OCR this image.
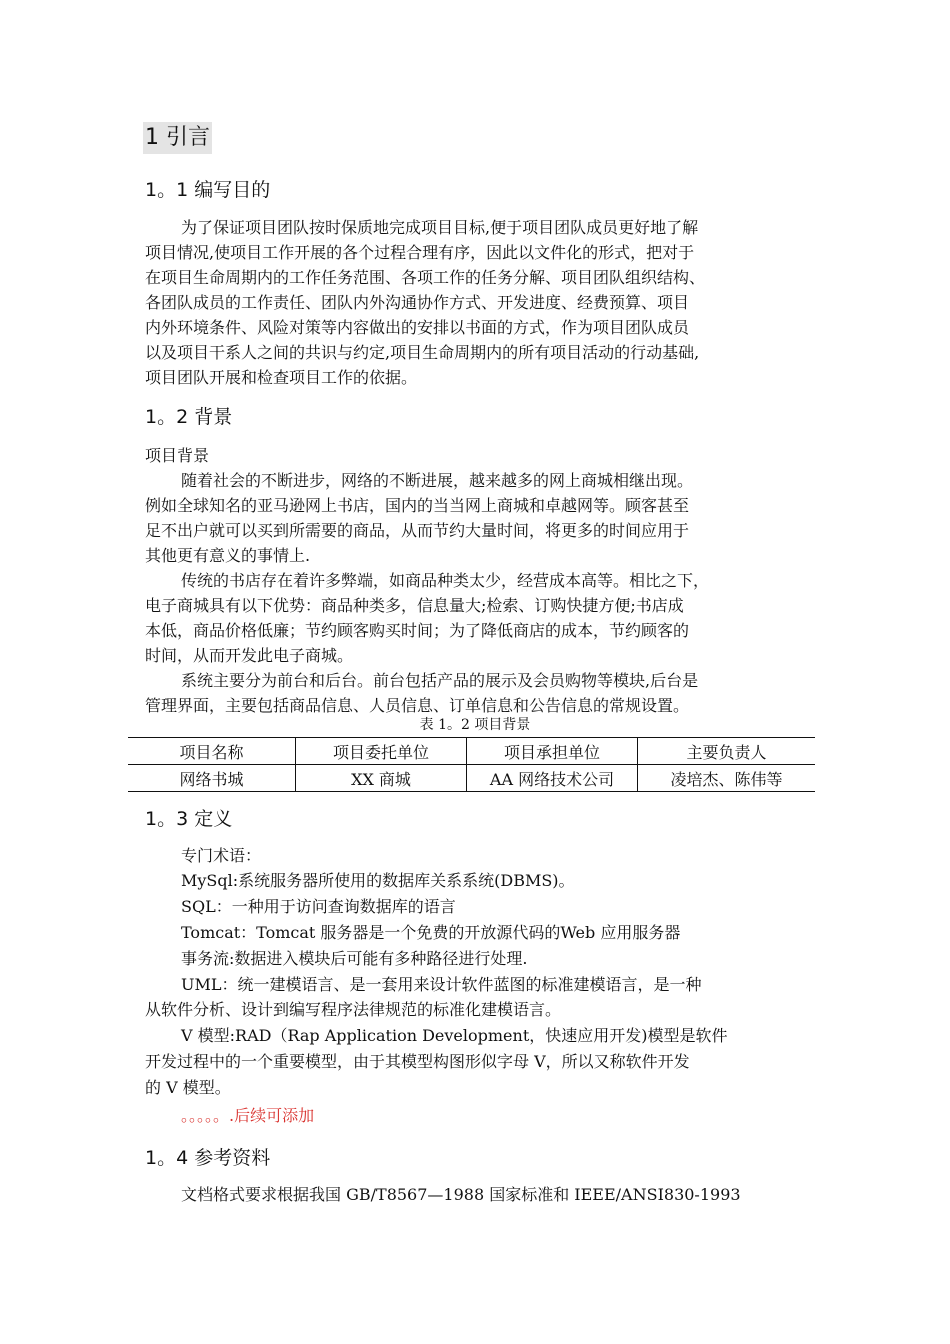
1 引言
1。1 编写目的
为了保证项目团队按时保质地完成项目目标,便于项目团队成员更好地了解
项目情况,使项目工作开展的各个过程合理有序，因此以文件化的形式，把对于
在项目生命周期内的工作任务范围、各项工作的任务分解、项目团队组织结构、
各团队成员的工作责任、团队内外沟通协作方式、开发进度、经费预算、项目
内外环境条件、风险对策等内容做出的安排以书面的方式，作为项目团队成员
以及项目干系人之间的共识与约定,项目生命周期内的所有项目活动的行动基础,
项目团队开展和检查项目工作的依据。
1。2 背景
项目背景
随着社会的不断进步，网络的不断进展，越来越多的网上商城相继出现。
例如全球知名的亚马逊网上书店，国内的当当网上商城和卓越网等。顾客甚至
足不出户就可以买到所需要的商品，从而节约大量时间，将更多的时间应用于
其他更有意义的事情上.
传统的书店存在着许多弊端，如商品种类太少，经营成本高等。相比之下，
电子商城具有以下优势：商品种类多，信息量大;检索、订购快捷方便;书店成
本低，商品价格低廉；节约顾客购买时间；为了降低商店的成本，节约顾客的
时间，从而开发此电子商城。
系统主要分为前台和后台。前台包括产品的展示及会员购物等模块,后台是
管理界面，主要包括商品信息、人员信息、订单信息和公告信息的常规设置。
表 1。2 项目背景
项目名称	项目委托单位	项目承担单位	主要负责人
网络书城	XX 商城	AA 网络技术公司	凌培杰、陈伟等
1。3 定义
专门术语：
MySql:系统服务器所使用的数据库关系系统(DBMS)。
SQL：一种用于访问查询数据库的语言
Tomcat：Tomcat 服务器是一个免费的开放源代码的Web 应用服务器
事务流:数据进入模块后可能有多种路径进行处理.
UML：统一建模语言、是一套用来设计软件蓝图的标准建模语言，是一种
从软件分析、设计到编写程序法律规范的标准化建模语言。
V 模型:RAD（Rap Application Development，快速应用开发)模型是软件
开发过程中的一个重要模型，由于其模型构图形似字母 V，所以又称软件开发
的 V 模型。
。。。。。.后续可添加
1。4 参考资料
文档格式要求根据我国 GB/T8567—1988 国家标准和 IEEE/ANSI830-1993
